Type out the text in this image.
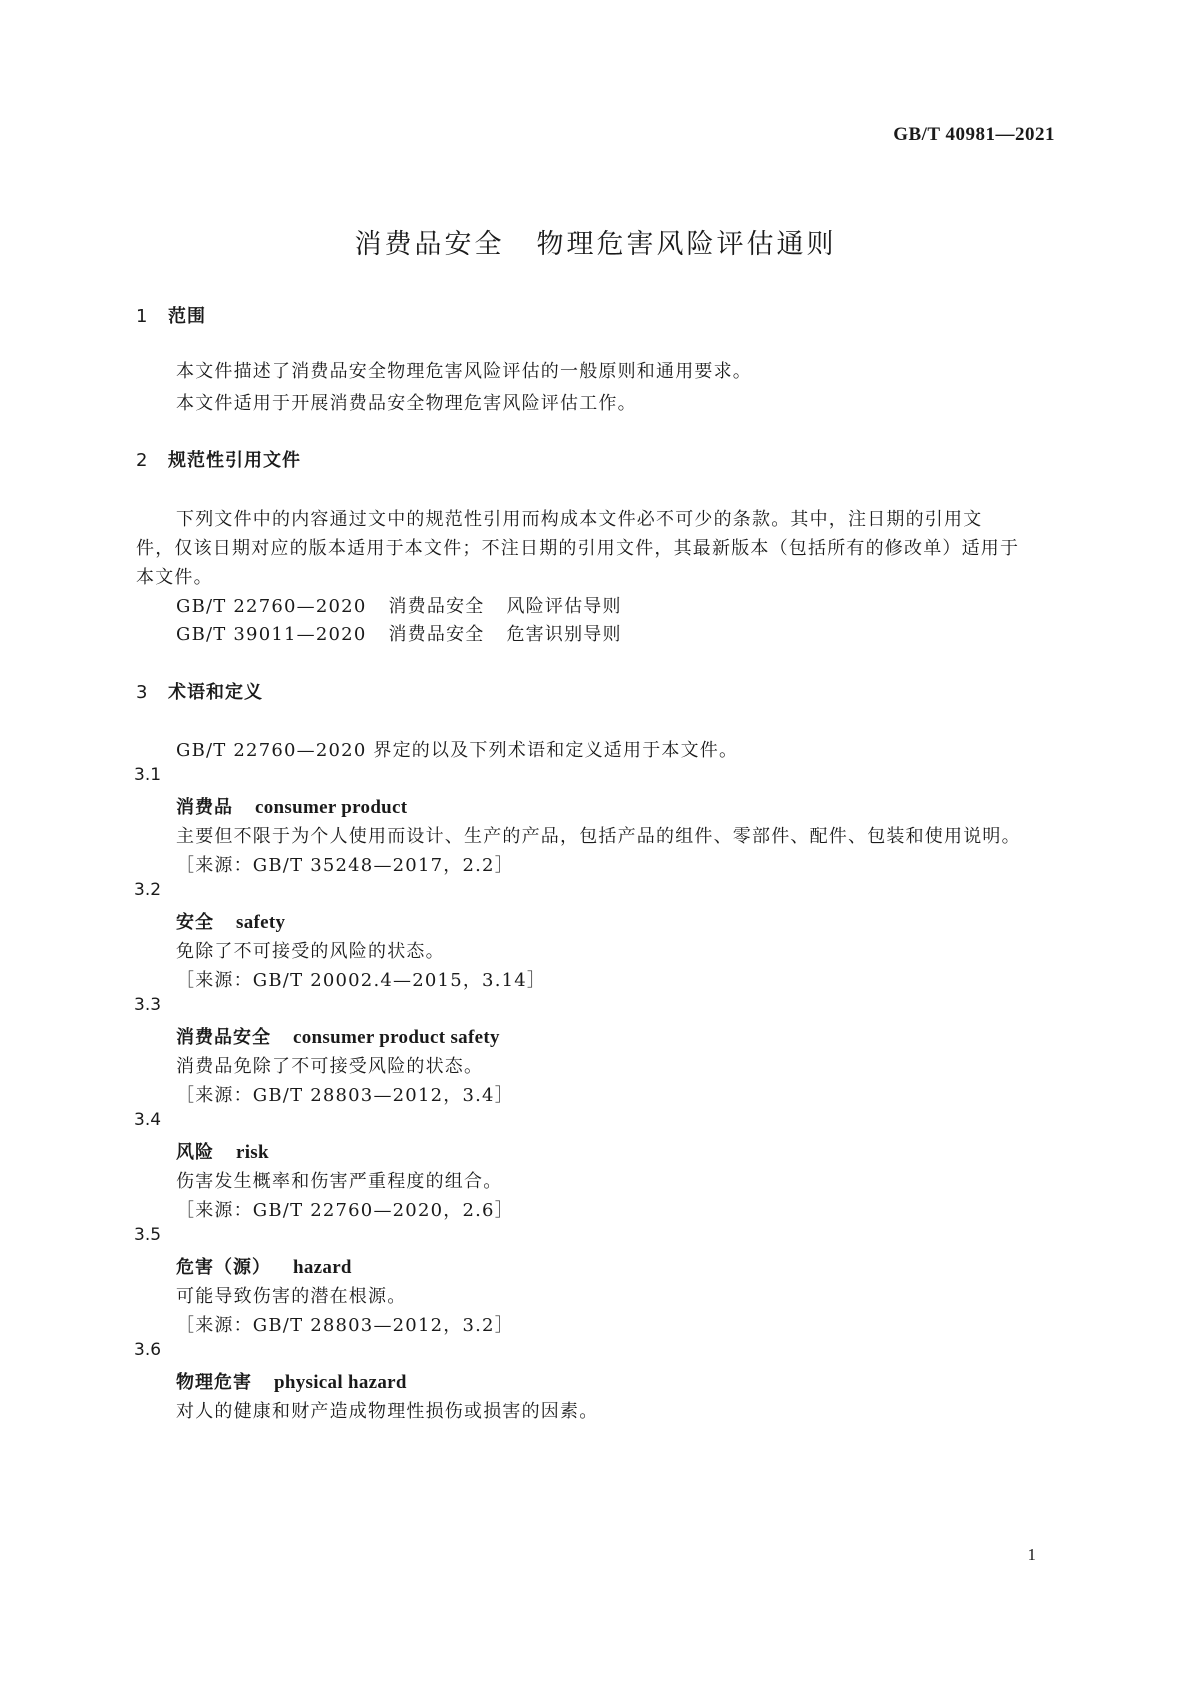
GB/T 40981—2021
消费品安全 物理危害风险评估通则
1 范围
本文件描述了消费品安全物理危害风险评估的一般原则和通用要求。
本文件适用于开展消费品安全物理危害风险评估工作。
2 规范性引用文件
下列文件中的内容通过文中的规范性引用而构成本文件必不可少的条款。其中，注日期的引用文
件，仅该日期对应的版本适用于本文件；不注日期的引用文件，其最新版本（包括所有的修改单）适用于
本文件。
GB/T 22760—2020 消费品安全 风险评估导则
GB/T 39011—2020 消费品安全 危害识别导则
3 术语和定义
GB/T 22760—2020 界定的以及下列术语和定义适用于本文件。
3.1
消费品 consumer product
主要但不限于为个人使用而设计、生产的产品，包括产品的组件、零部件、配件、包装和使用说明。
［来源：GB/T 35248—2017，2.2］
3.2
安全 safety
免除了不可接受的风险的状态。
［来源：GB/T 20002.4—2015，3.14］
3.3
消费品安全 consumer product safety
消费品免除了不可接受风险的状态。
［来源：GB/T 28803—2012，3.4］
3.4
风险 risk
伤害发生概率和伤害严重程度的组合。
［来源：GB/T 22760—2020，2.6］
3.5
危害（源） hazard
可能导致伤害的潜在根源。
［来源：GB/T 28803—2012，3.2］
3.6
物理危害 physical hazard
对人的健康和财产造成物理性损伤或损害的因素。
1
